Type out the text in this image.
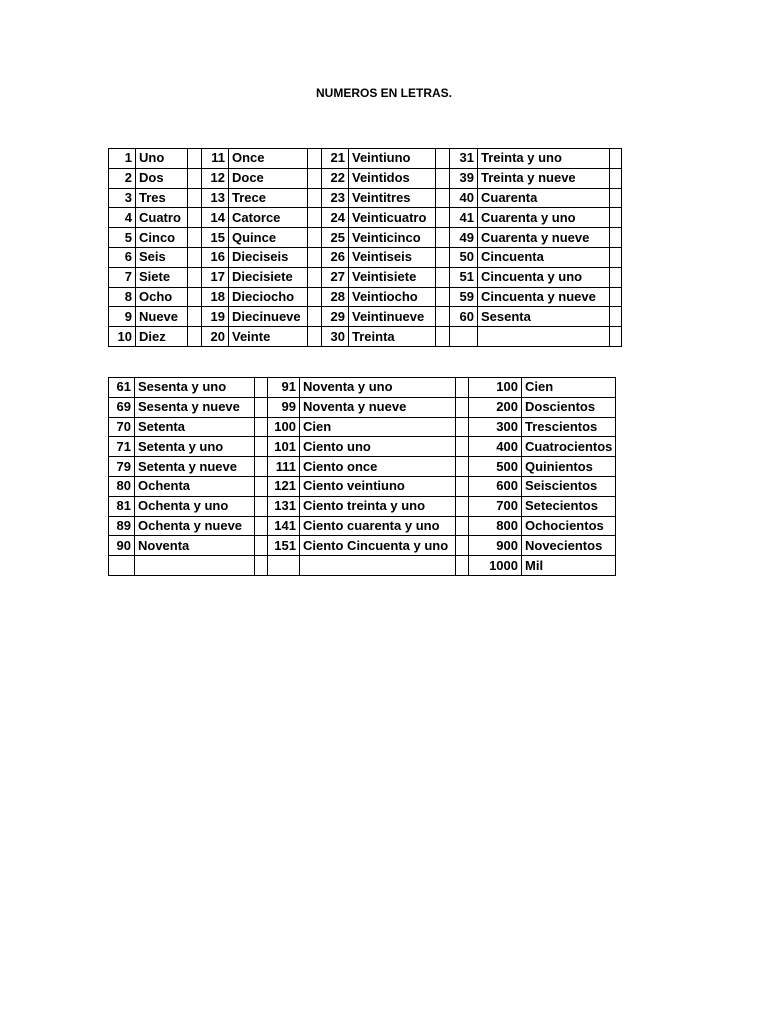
NUMEROS EN LETRAS.
1	Uno		11	Once		21	Veintiuno		31	Treinta y uno	
2	Dos		12	Doce		22	Veintidos		39	Treinta y nueve	
3	Tres		13	Trece		23	Veintitres		40	Cuarenta	
4	Cuatro		14	Catorce		24	Veinticuatro		41	Cuarenta y uno	
5	Cinco		15	Quince		25	Veinticinco		49	Cuarenta y nueve	
6	Seis		16	Dieciseis		26	Veintiseis		50	Cincuenta	
7	Siete		17	Diecisiete		27	Veintisiete		51	Cincuenta y uno	
8	Ocho		18	Dieciocho		28	Veintiocho		59	Cincuenta y nueve	
9	Nueve		19	Diecinueve		29	Veintinueve		60	Sesenta	
10	Diez		20	Veinte		30	Treinta				
61	Sesenta y uno		91	Noventa y uno		100	Cien
69	Sesenta y nueve		99	Noventa y nueve		200	Doscientos
70	Setenta		100	Cien		300	Trescientos
71	Setenta y uno		101	Ciento uno		400	Cuatrocientos
79	Setenta y nueve		111	Ciento once		500	Quinientos
80	Ochenta		121	Ciento veintiuno		600	Seiscientos
81	Ochenta y uno		131	Ciento treinta y uno		700	Setecientos
89	Ochenta y nueve		141	Ciento cuarenta y uno		800	Ochocientos
90	Noventa		151	Ciento Cincuenta y uno		900	Novecientos
						1000	Mil
